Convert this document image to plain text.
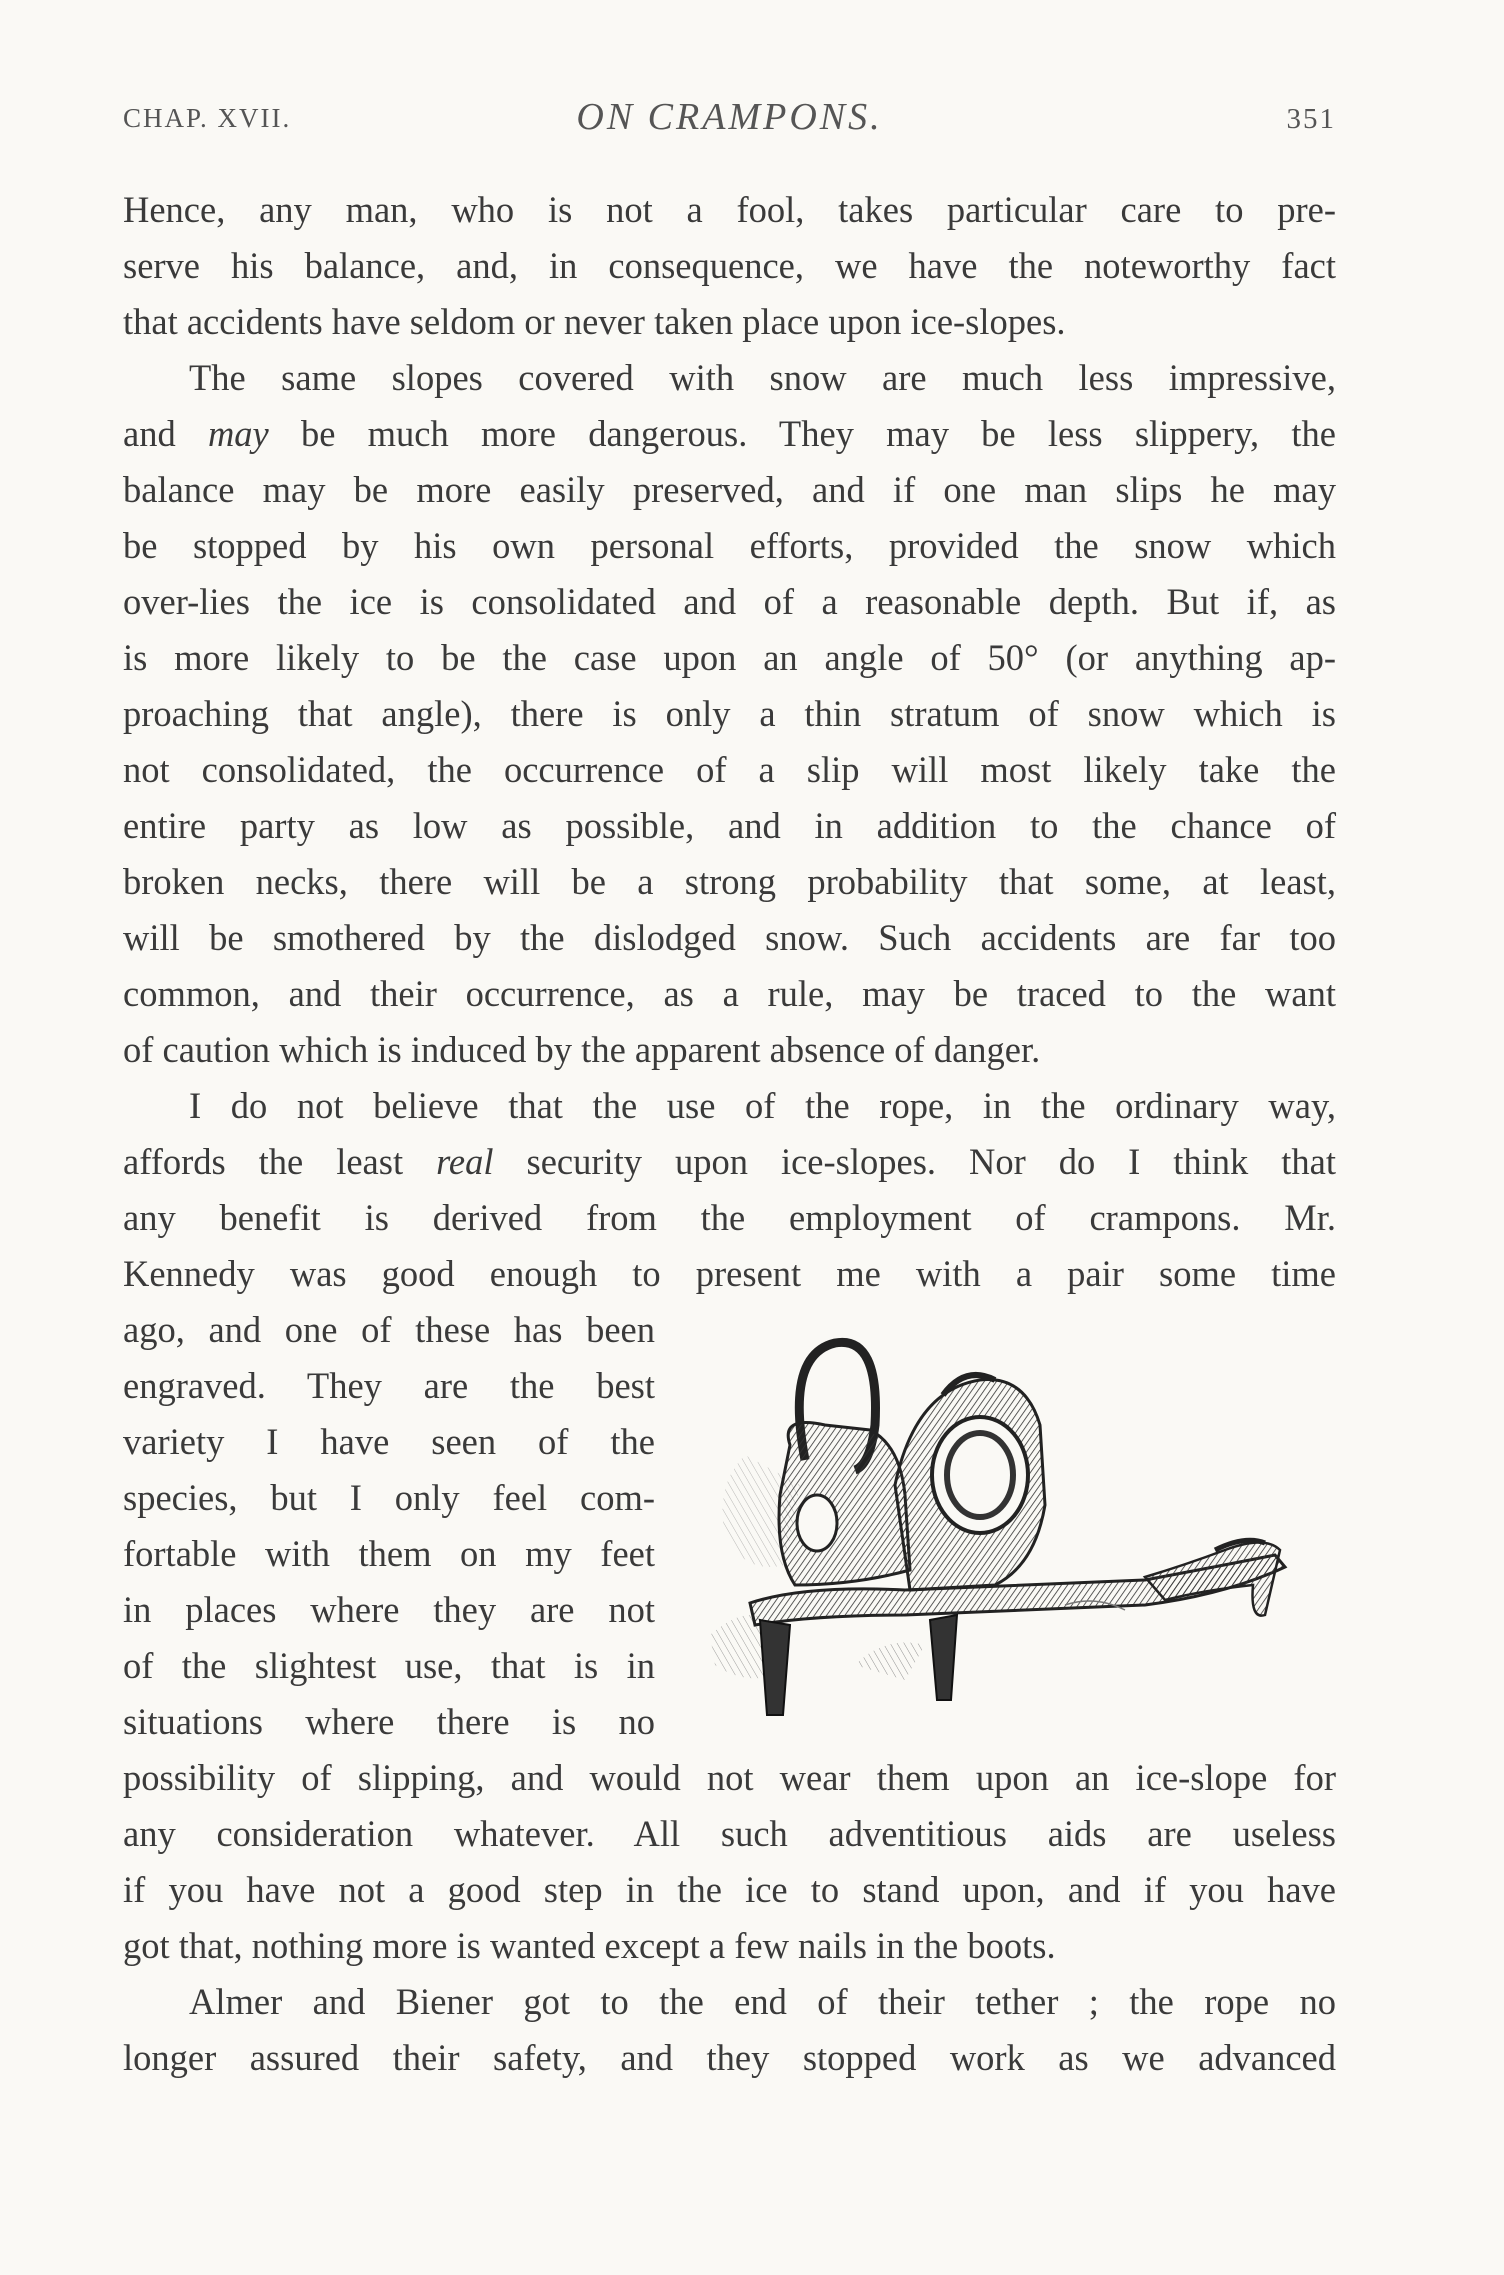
CHAP. XVII.	ON CRAMPONS.	351
Hence, any man, who is not a fool, takes particular care to pre-
serve his balance, and, in consequence, we have the noteworthy fact
that accidents have seldom or never taken place upon ice-slopes.
The same slopes covered with snow are much less impressive,
and may be much more dangerous. They may be less slippery, the
balance may be more easily preserved, and if one man slips he may
be stopped by his own personal efforts, provided the snow which
over-lies the ice is consolidated and of a reasonable depth. But if, as
is more likely to be the case upon an angle of 50° (or anything ap-
proaching that angle), there is only a thin stratum of snow which is
not consolidated, the occurrence of a slip will most likely take the
entire party as low as possible, and in addition to the chance of
broken necks, there will be a strong probability that some, at least,
will be smothered by the dislodged snow. Such accidents are far too
common, and their occurrence, as a rule, may be traced to the want
of caution which is induced by the apparent absence of danger.
I do not believe that the use of the rope, in the ordinary way,
affords the least real security upon ice-slopes. Nor do I think that
any benefit is derived from the employment of crampons. Mr.
Kennedy was good enough to present me with a pair some time
ago, and one of these has been
engraved. They are the best
variety I have seen of the
species, but I only feel com-
fortable with them on my feet
in places where they are not
of the slightest use, that is in
situations where there is no
possibility of slipping, and would not wear them upon an ice-slope for
any consideration whatever. All such adventitious aids are useless
if you have not a good step in the ice to stand upon, and if you have
got that, nothing more is wanted except a few nails in the boots.
Almer and Biener got to the end of their tether ; the rope no
longer assured their safety, and they stopped work as we advanced
